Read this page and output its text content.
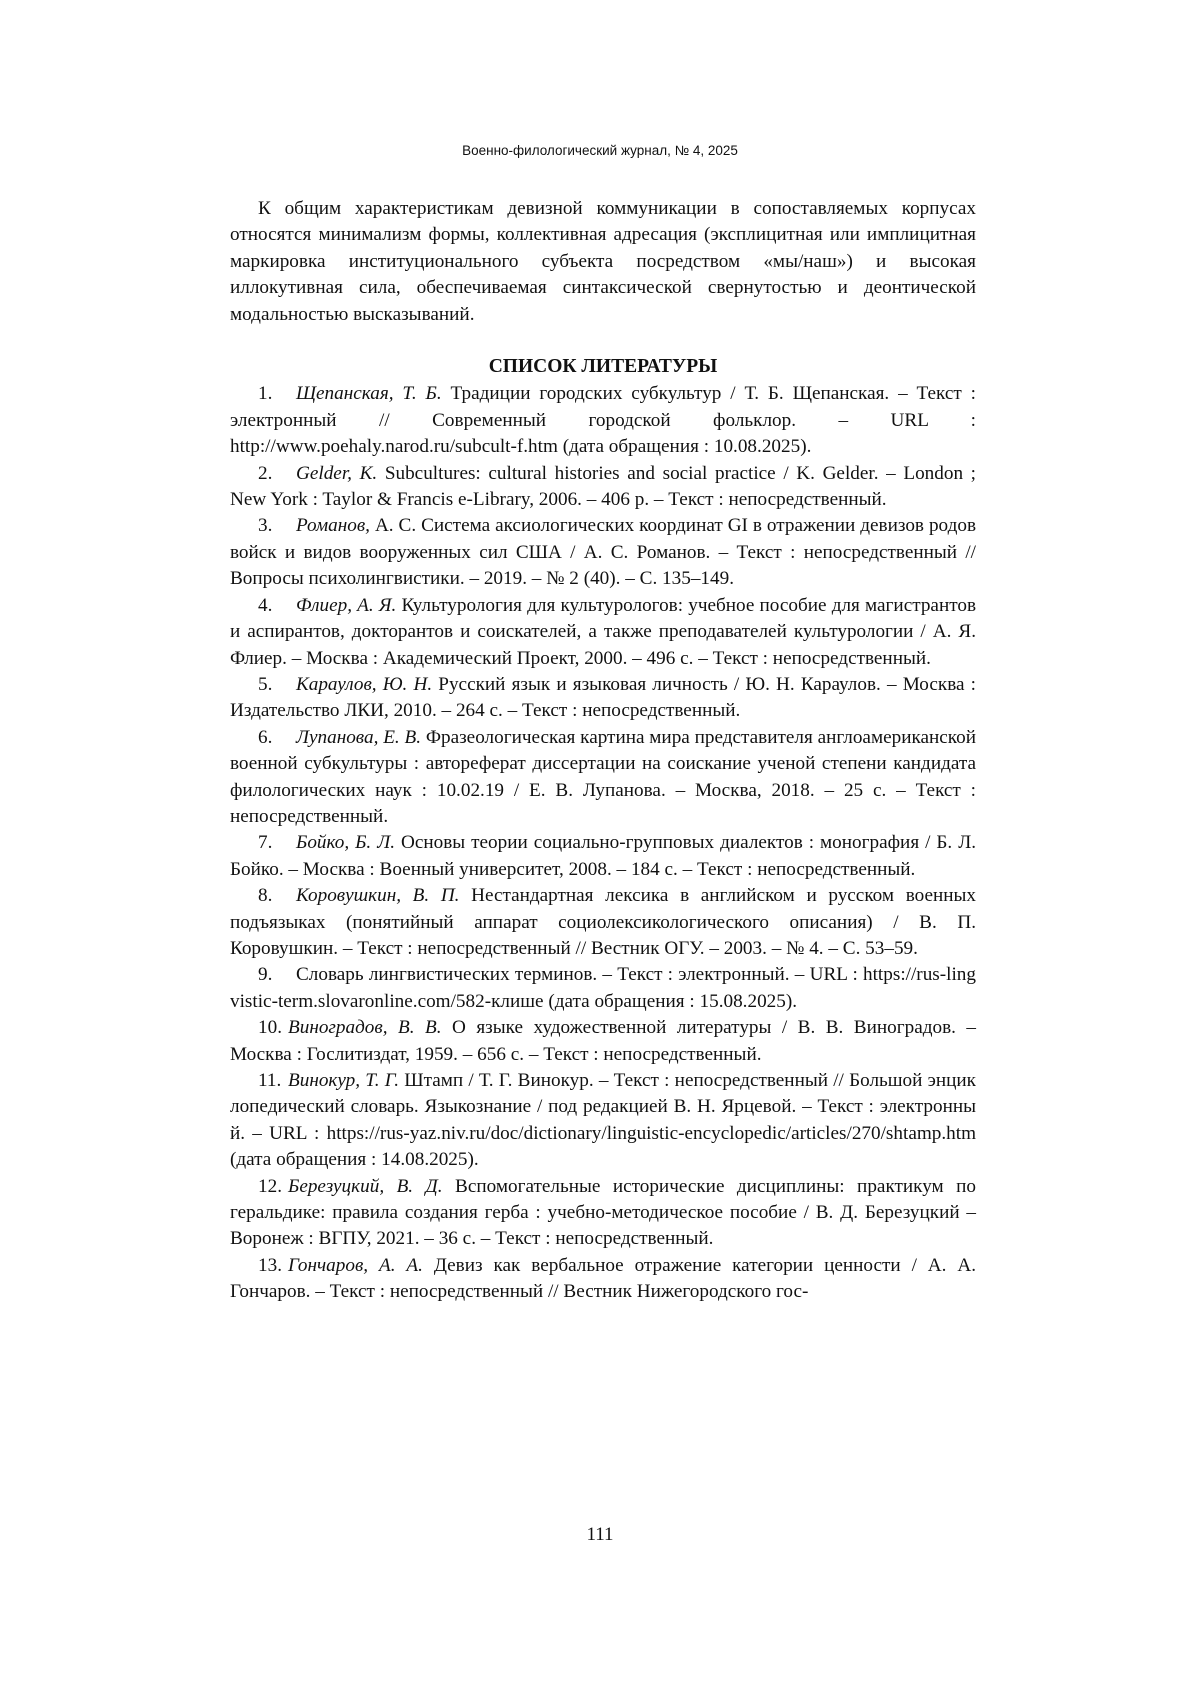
Военно-филологический журнал, № 4, 2025

К общим характеристикам девизной коммуникации в сопоставляемых корпусах относятся минимализм формы, коллективная адресация (эксплицитная или имплицитная маркировка институционального субъекта посредством «мы/наш») и высокая иллокутивная сила, обеспечиваемая синтаксической свернутостью и деонтической модальностью высказываний.

СПИСОК ЛИТЕРАТУРЫ

1. Щепанская, Т. Б. Традиции городских субкультур / Т. Б. Щепанская. – Текст : электронный // Современный городской фольклор. – URL : http://www.poehaly.narod.ru/subcult-f.htm (дата обращения : 10.08.2025).

2. Gelder, K. Subcultures: cultural histories and social practice / K. Gelder. – London ; New York : Taylor & Francis e-Library, 2006. – 406 p. – Текст : непосредственный.

3. Романов, А. С. Система аксиологических координат GI в отражении девизов родов войск и видов вооруженных сил США / А. С. Романов. – Текст : непосредственный // Вопросы психолингвистики. – 2019. – № 2 (40). – С. 135–149.

4. Флиер, А. Я. Культурология для культурологов: учебное пособие для магистрантов и аспирантов, докторантов и соискателей, а также преподавателей культурологии / А. Я. Флиер. – Москва : Академический Проект, 2000. – 496 с. – Текст : непосредственный.

5. Караулов, Ю. Н. Русский язык и языковая личность / Ю. Н. Караулов. – Москва : Издательство ЛКИ, 2010. – 264 с. – Текст : непосредственный.

6. Лупанова, Е. В. Фразеологическая картина мира представителя англоамериканской военной субкультуры : автореферат диссертации на соискание ученой степени кандидата филологических наук : 10.02.19 / Е. В. Лупанова. – Москва, 2018. – 25 с. – Текст : непосредственный.

7. Бойко, Б. Л. Основы теории социально-групповых диалектов : монография / Б. Л. Бойко. – Москва : Военный университет, 2008. – 184 с. – Текст : непосредственный.

8. Коровушкин, В. П. Нестандартная лексика в английском и русском военных подъязыках (понятийный аппарат социолексикологического описания) / В. П. Коровушкин. – Текст : непосредственный // Вестник ОГУ. – 2003. – № 4. – С. 53–59.

9. Словарь лингвистических терминов. – Текст : электронный. – URL : https://rus-lingvistic-term.slovaronline.com/582-клише (дата обращения : 15.08.2025).

10. Виноградов, В. В. О языке художественной литературы / В. В. Виноградов. – Москва : Гослитиздат, 1959. – 656 с. – Текст : непосредственный.

11. Винокур, Т. Г. Штамп / Т. Г. Винокур. – Текст : непосредственный // Большой энциклопедический словарь. Языкознание / под редакцией В. Н. Ярцевой. – Текст : электронный. – URL : https://rus-yaz.niv.ru/doc/dictionary/linguistic-encyclopedic/articles/270/shtamp.htm (дата обращения : 14.08.2025).

12. Березуцкий, В. Д. Вспомогательные исторические дисциплины: практикум по геральдике: правила создания герба : учебно-методическое пособие / В. Д. Березуцкий – Воронеж : ВГПУ, 2021. – 36 с. – Текст : непосредственный.

13. Гончаров, А. А. Девиз как вербальное отражение категории ценности / А. А. Гончаров. – Текст : непосредственный // Вестник Нижегородского гос-

111
